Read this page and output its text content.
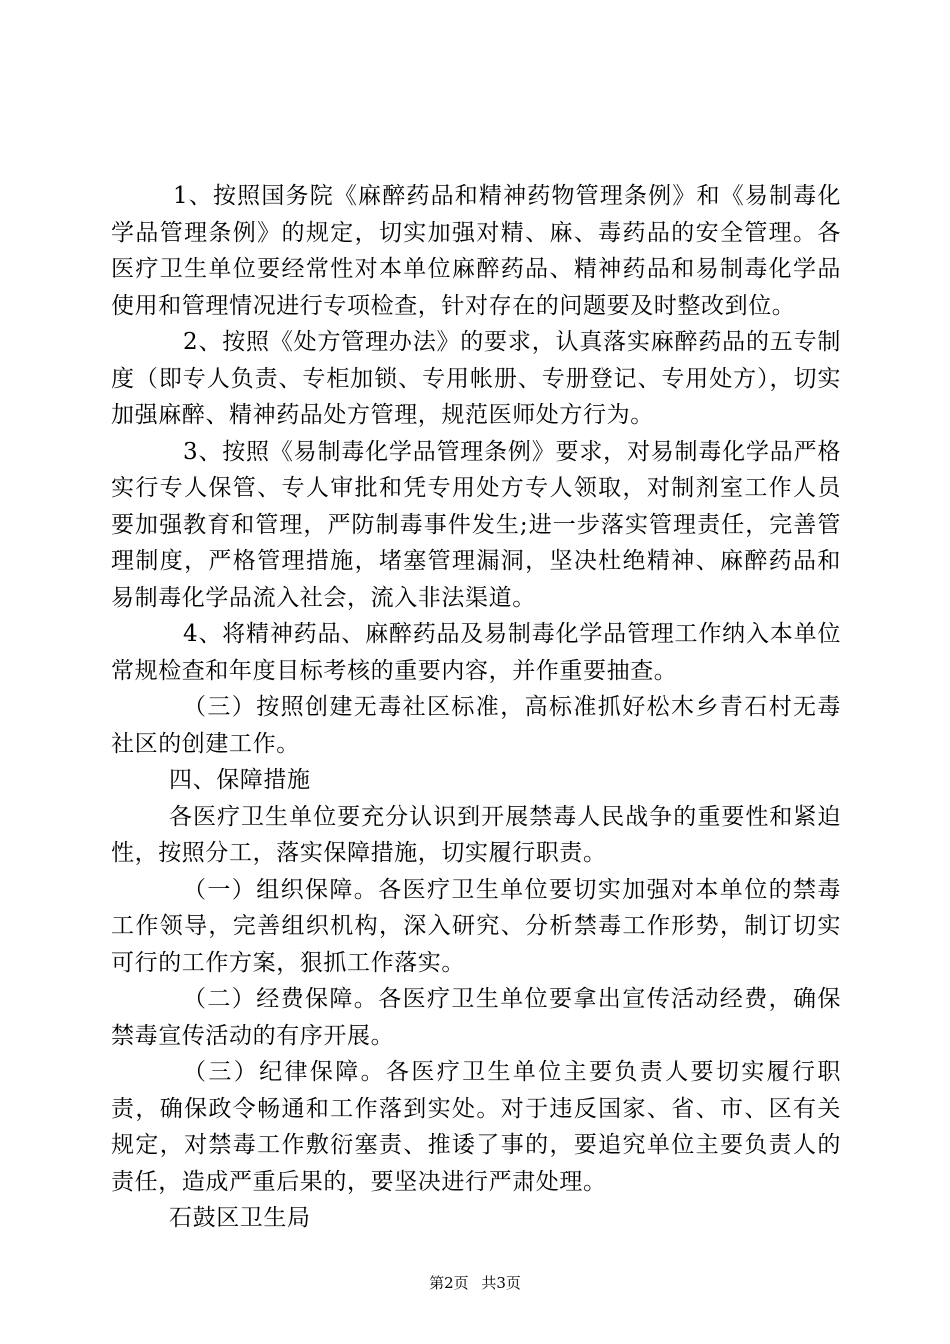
1、按照国务院《麻醉药品和精神药物管理条例》和《易制毒化学品管理条例》的规定，切实加强对精、麻、毒药品的安全管理。各医疗卫生单位要经常性对本单位麻醉药品、精神药品和易制毒化学品使用和管理情况进行专项检查，针对存在的问题要及时整改到位。

2、按照《处方管理办法》的要求，认真落实麻醉药品的五专制度（即专人负责、专柜加锁、专用帐册、专册登记、专用处方），切实加强麻醉、精神药品处方管理，规范医师处方行为。

3、按照《易制毒化学品管理条例》要求，对易制毒化学品严格实行专人保管、专人审批和凭专用处方专人领取，对制剂室工作人员要加强教育和管理，严防制毒事件发生;进一步落实管理责任，完善管理制度，严格管理措施，堵塞管理漏洞，坚决杜绝精神、麻醉药品和易制毒化学品流入社会，流入非法渠道。

4、将精神药品、麻醉药品及易制毒化学品管理工作纳入本单位常规检查和年度目标考核的重要内容，并作重要抽查。

（三）按照创建无毒社区标准，高标准抓好松木乡青石村无毒社区的创建工作。

四、保障措施

各医疗卫生单位要充分认识到开展禁毒人民战争的重要性和紧迫性，按照分工，落实保障措施，切实履行职责。

（一）组织保障。各医疗卫生单位要切实加强对本单位的禁毒工作领导，完善组织机构，深入研究、分析禁毒工作形势，制订切实可行的工作方案，狠抓工作落实。

（二）经费保障。各医疗卫生单位要拿出宣传活动经费，确保禁毒宣传活动的有序开展。

（三）纪律保障。各医疗卫生单位主要负责人要切实履行职责，确保政令畅通和工作落到实处。对于违反国家、省、市、区有关规定，对禁毒工作敷衍塞责、推诿了事的，要追究单位主要负责人的责任，造成严重后果的，要坚决进行严肃处理。

石鼓区卫生局

第2页 共3页
